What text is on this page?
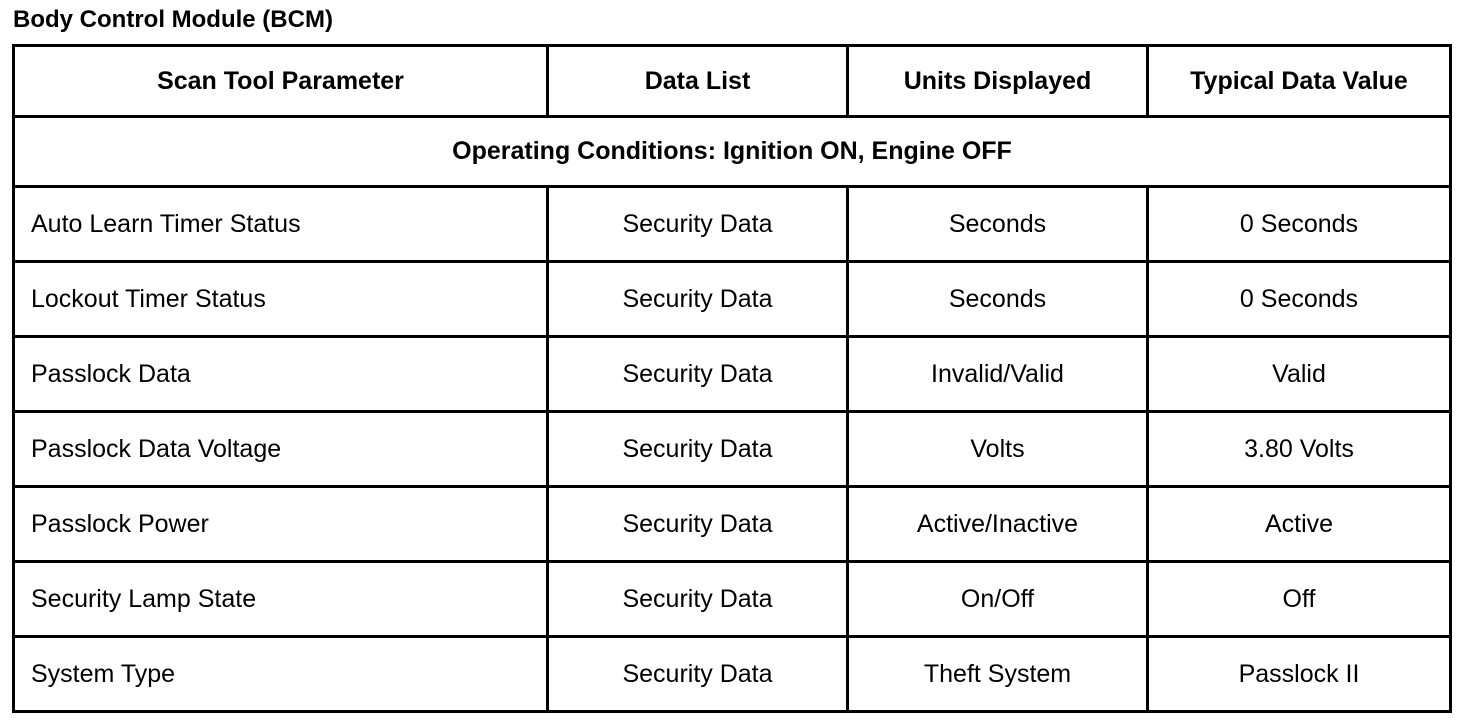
Body Control Module (BCM)
Scan Tool Parameter	Data List	Units Displayed	Typical Data Value
Operating Conditions: Ignition ON, Engine OFF			
Auto Learn Timer Status	Security Data	Seconds	0 Seconds
Lockout Timer Status	Security Data	Seconds	0 Seconds
Passlock Data	Security Data	Invalid/Valid	Valid
Passlock Data Voltage	Security Data	Volts	3.80 Volts
Passlock Power	Security Data	Active/Inactive	Active
Security Lamp State	Security Data	On/Off	Off
System Type	Security Data	Theft System	Passlock II
